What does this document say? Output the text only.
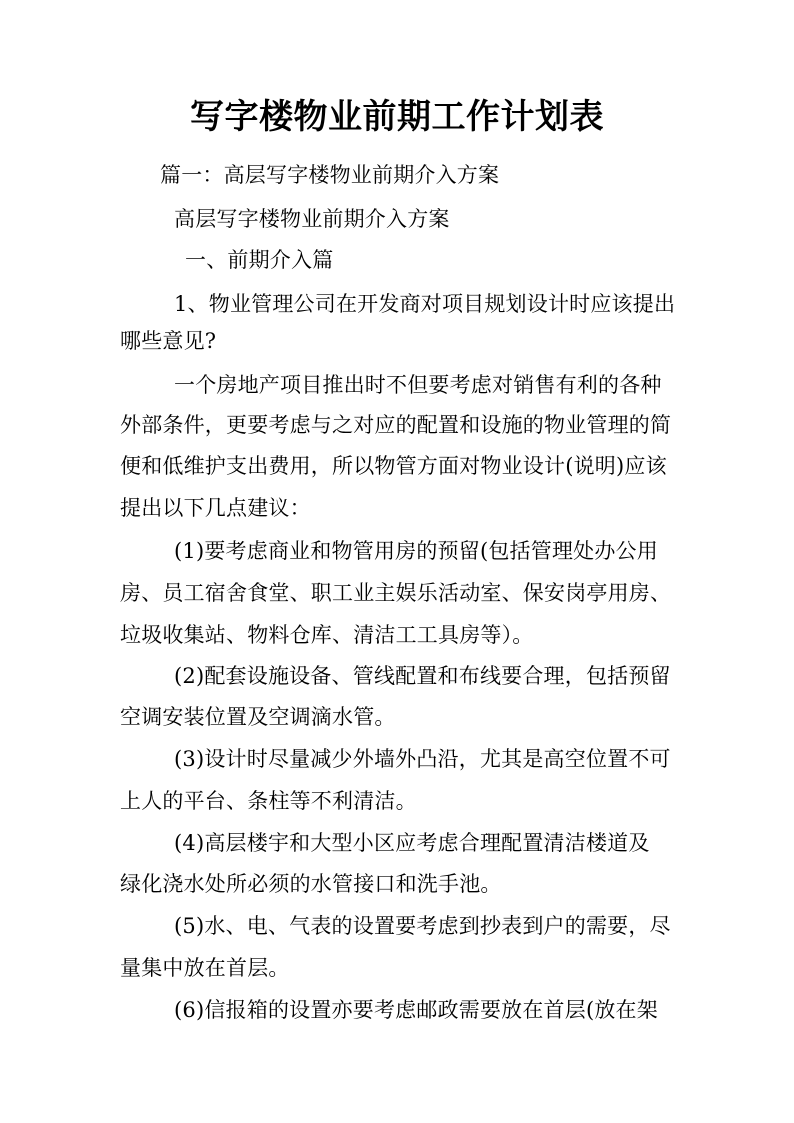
写字楼物业前期工作计划表
篇一：高层写字楼物业前期介入方案
高层写字楼物业前期介入方案
一、前期介入篇
1、物业管理公司在开发商对项目规划设计时应该提出
哪些意见?
一个房地产项目推出时不但要考虑对销售有利的各种
外部条件，更要考虑与之对应的配置和设施的物业管理的简
便和低维护支出费用，所以物管方面对物业设计(说明)应该
提出以下几点建议：
(1)要考虑商业和物管用房的预留(包括管理处办公用
房、员工宿舍食堂、职工业主娱乐活动室、保安岗亭用房、
垃圾收集站、物料仓库、清洁工工具房等）。
(2)配套设施设备、管线配置和布线要合理，包括预留
空调安装位置及空调滴水管。
(3)设计时尽量减少外墙外凸沿，尤其是高空位置不可
上人的平台、条柱等不利清洁。
(4)高层楼宇和大型小区应考虑合理配置清洁楼道及
绿化浇水处所必须的水管接口和洗手池。
(5)水、电、气表的设置要考虑到抄表到户的需要，尽
量集中放在首层。
(6)信报箱的设置亦要考虑邮政需要放在首层(放在架
